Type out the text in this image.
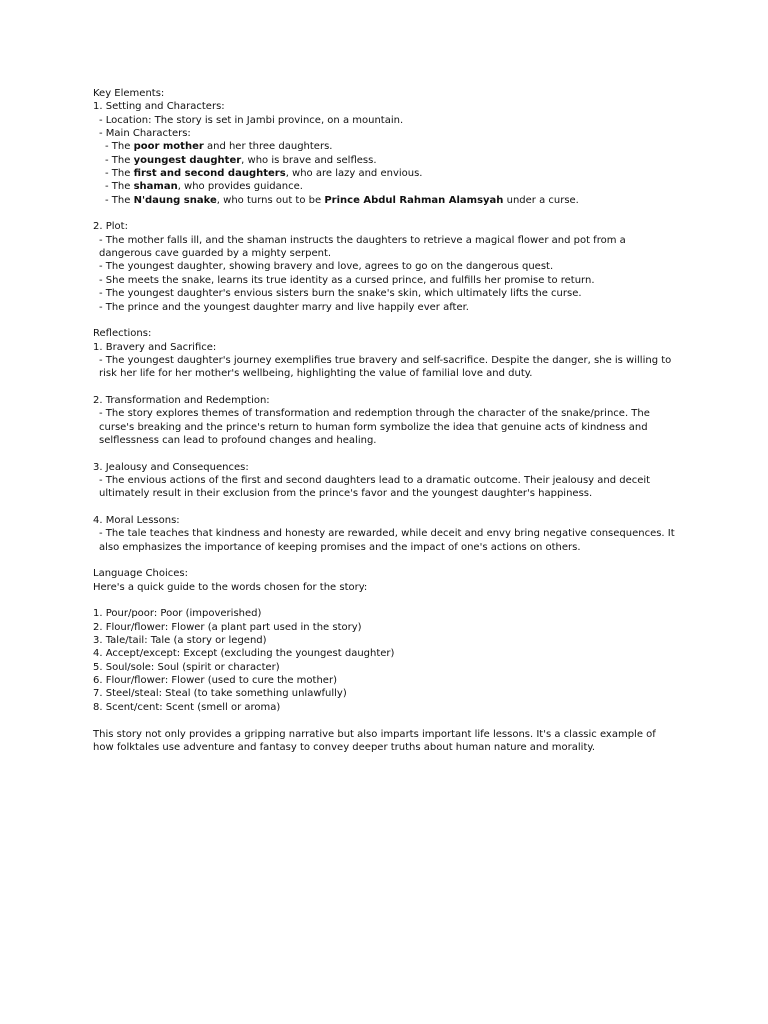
Key Elements:

1. Setting and Characters:

- Location: The story is set in Jambi province, on a mountain.

- Main Characters:

- The poor mother and her three daughters.

- The youngest daughter, who is brave and selfless.

- The first and second daughters, who are lazy and envious.

- The shaman, who provides guidance.

- The N'daung snake, who turns out to be Prince Abdul Rahman Alamsyah under a curse.

2. Plot:

- The mother falls ill, and the shaman instructs the daughters to retrieve a magical flower and pot from a dangerous cave guarded by a mighty serpent.

- The youngest daughter, showing bravery and love, agrees to go on the dangerous quest.

- She meets the snake, learns its true identity as a cursed prince, and fulfills her promise to return.

- The youngest daughter's envious sisters burn the snake's skin, which ultimately lifts the curse.

- The prince and the youngest daughter marry and live happily ever after.

Reflections:

1. Bravery and Sacrifice:

- The youngest daughter's journey exemplifies true bravery and self-sacrifice. Despite the danger, she is willing to risk her life for her mother's wellbeing, highlighting the value of familial love and duty.

2. Transformation and Redemption:

- The story explores themes of transformation and redemption through the character of the snake/prince. The curse's breaking and the prince's return to human form symbolize the idea that genuine acts of kindness and selflessness can lead to profound changes and healing.

3. Jealousy and Consequences:

- The envious actions of the first and second daughters lead to a dramatic outcome. Their jealousy and deceit ultimately result in their exclusion from the prince's favor and the youngest daughter's happiness.

4. Moral Lessons:

- The tale teaches that kindness and honesty are rewarded, while deceit and envy bring negative consequences. It also emphasizes the importance of keeping promises and the impact of one's actions on others.

Language Choices:

Here's a quick guide to the words chosen for the story:

1. Pour/poor: Poor (impoverished)

2. Flour/flower: Flower (a plant part used in the story)

3. Tale/tail: Tale (a story or legend)

4. Accept/except: Except (excluding the youngest daughter)

5. Soul/sole: Soul (spirit or character)

6. Flour/flower: Flower (used to cure the mother)

7. Steel/steal: Steal (to take something unlawfully)

8. Scent/cent: Scent (smell or aroma)

This story not only provides a gripping narrative but also imparts important life lessons. It's a classic example of how folktales use adventure and fantasy to convey deeper truths about human nature and morality.
